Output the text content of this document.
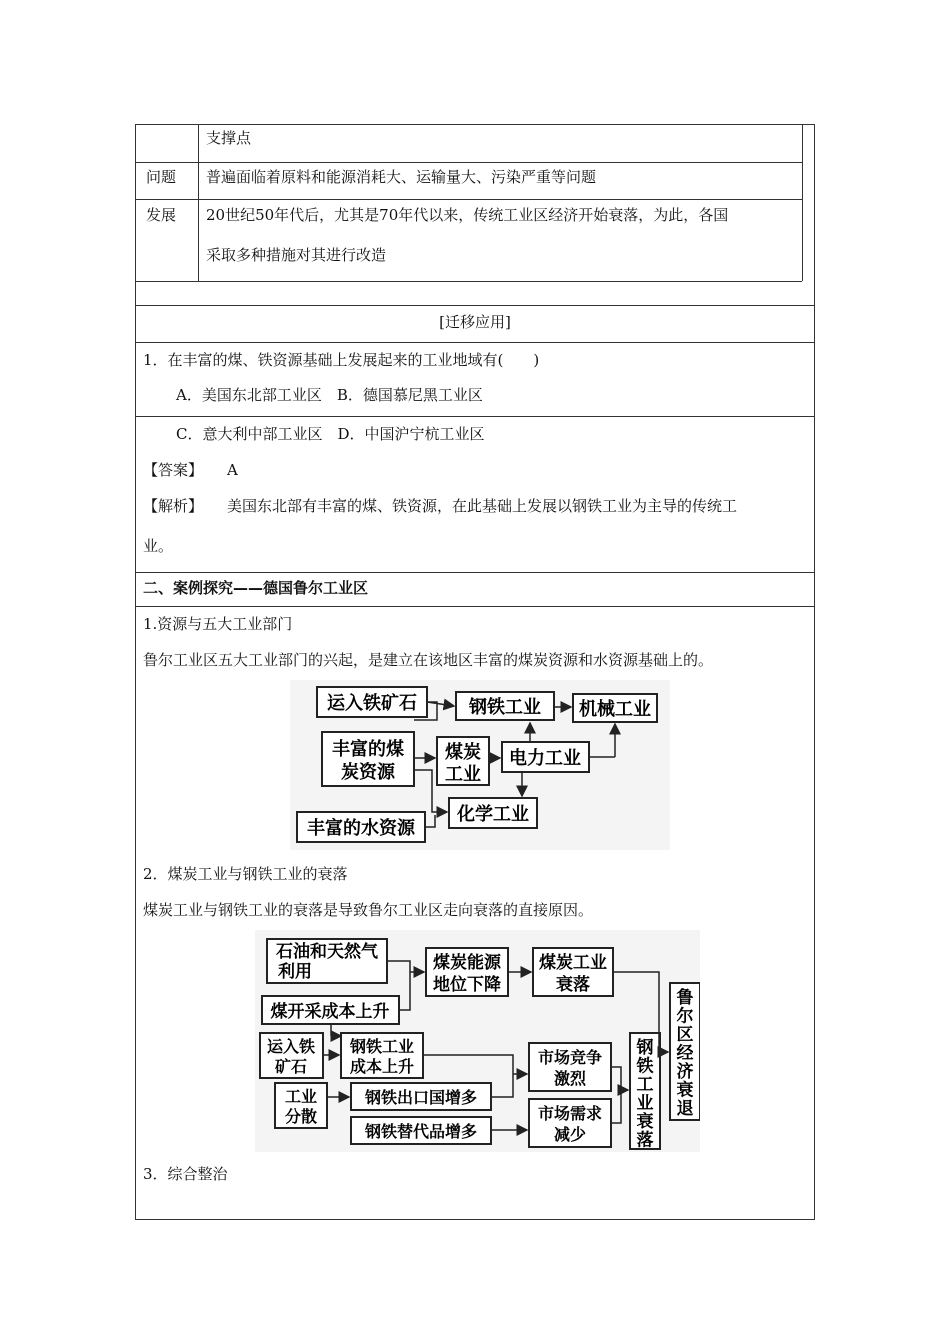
支撑点
问题 普遍面临着原料和能源消耗大、运输量大、污染严重等问题
发展 20世纪50年代后，尤其是70年代以来，传统工业区经济开始衰落，为此，各国
采取多种措施对其进行改造
[迁移应用]
1．在丰富的煤、铁资源基础上发展起来的工业地域有(　　)
A．美国东北部工业区　B．德国慕尼黑工业区
C．意大利中部工业区　D．中国沪宁杭工业区
【答案】 A
【解析】 美国东北部有丰富的煤、铁资源，在此基础上发展以钢铁工业为主导的传统工
业。
二、案例探究——德国鲁尔工业区
1.资源与五大工业部门
鲁尔工业区五大工业部门的兴起，是建立在该地区丰富的煤炭资源和水资源基础上的。
运入铁矿石	钢铁工业 机械工业
丰富的煤
炭资源
煤炭
工业
电力工业
化学工业
丰富的水资源
2．煤炭工业与钢铁工业的衰落
煤炭工业与钢铁工业的衰落是导致鲁尔工业区走向衰落的直接原因。
石油和天然气
利用
煤开采成本上升
煤炭能源
地位下降
煤炭工业
衰落
运入铁
矿石
钢铁工业
成本上升
工业
分散
钢铁出口国增多
钢铁替代品增多
市场竞争
激烈
市场需求
减少
钢
铁
工
业
衰
落
鲁
尔
区
经
济
衰
退
3．综合整治
